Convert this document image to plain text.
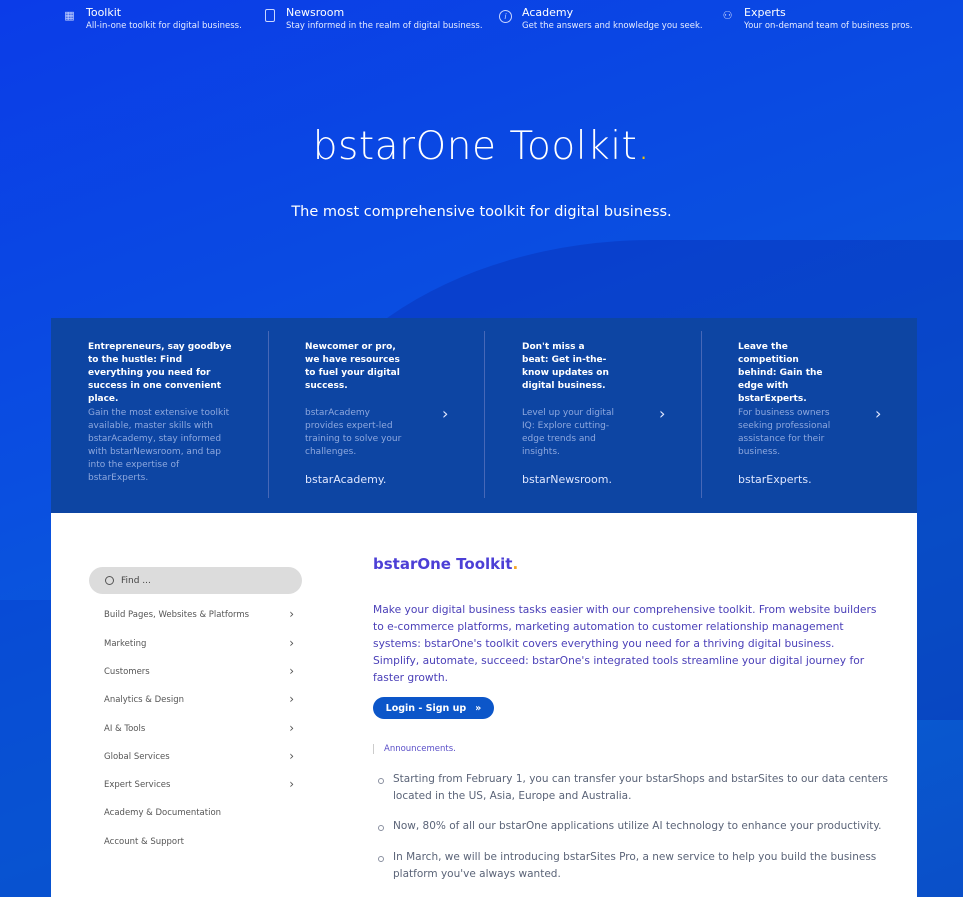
▦ Toolkit
All-in-one toolkit for digital business.
Newsroom
Stay informed in the realm of digital business.
i	Academy
Get the answers and knowledge you seek.
⚇ Experts
Your on-demand team of business pros.
bstarOne Toolkit.
The most comprehensive toolkit for digital business.
Entrepreneurs, say goodbye to the hustle: Find everything you need for success in one convenient place.
Gain the most extensive toolkit available, master skills with bstarAcademy, stay informed with bstarNewsroom, and tap into the expertise of bstarExperts.
Newcomer or pro, we have resources to fuel your digital success.
bstarAcademy provides expert-led training to solve your challenges.
bstarAcademy.
›
Don't miss a beat: Get in-the-know updates on digital business.
Level up your digital IQ: Explore cutting-edge trends and insights.
bstarNewsroom.
›
Leave the competition behind: Gain the edge with bstarExperts.
For business owners seeking professional assistance for their business.
bstarExperts.
›
Find ...
Build Pages, Websites & Platforms	›
Marketing	›
Customers	›
Analytics & Design	›
AI & Tools	›
Global Services	›
Expert Services	›
Academy & Documentation
Account & Support
bstarOne Toolkit.

Make your digital business tasks easier with our comprehensive toolkit. From website builders to e-commerce platforms, marketing automation to customer relationship management systems: bstarOne's toolkit covers everything you need for a thriving digital business. Simplify, automate, succeed: bstarOne's integrated tools streamline your digital journey for faster growth.

Login - Sign up »
Announcements.
Starting from February 1, you can transfer your bstarShops and bstarSites to our data centers located in the US, Asia, Europe and Australia.
Now, 80% of all our bstarOne applications utilize AI technology to enhance your productivity.
In March, we will be introducing bstarSites Pro, a new service to help you build the business platform you've always wanted.
